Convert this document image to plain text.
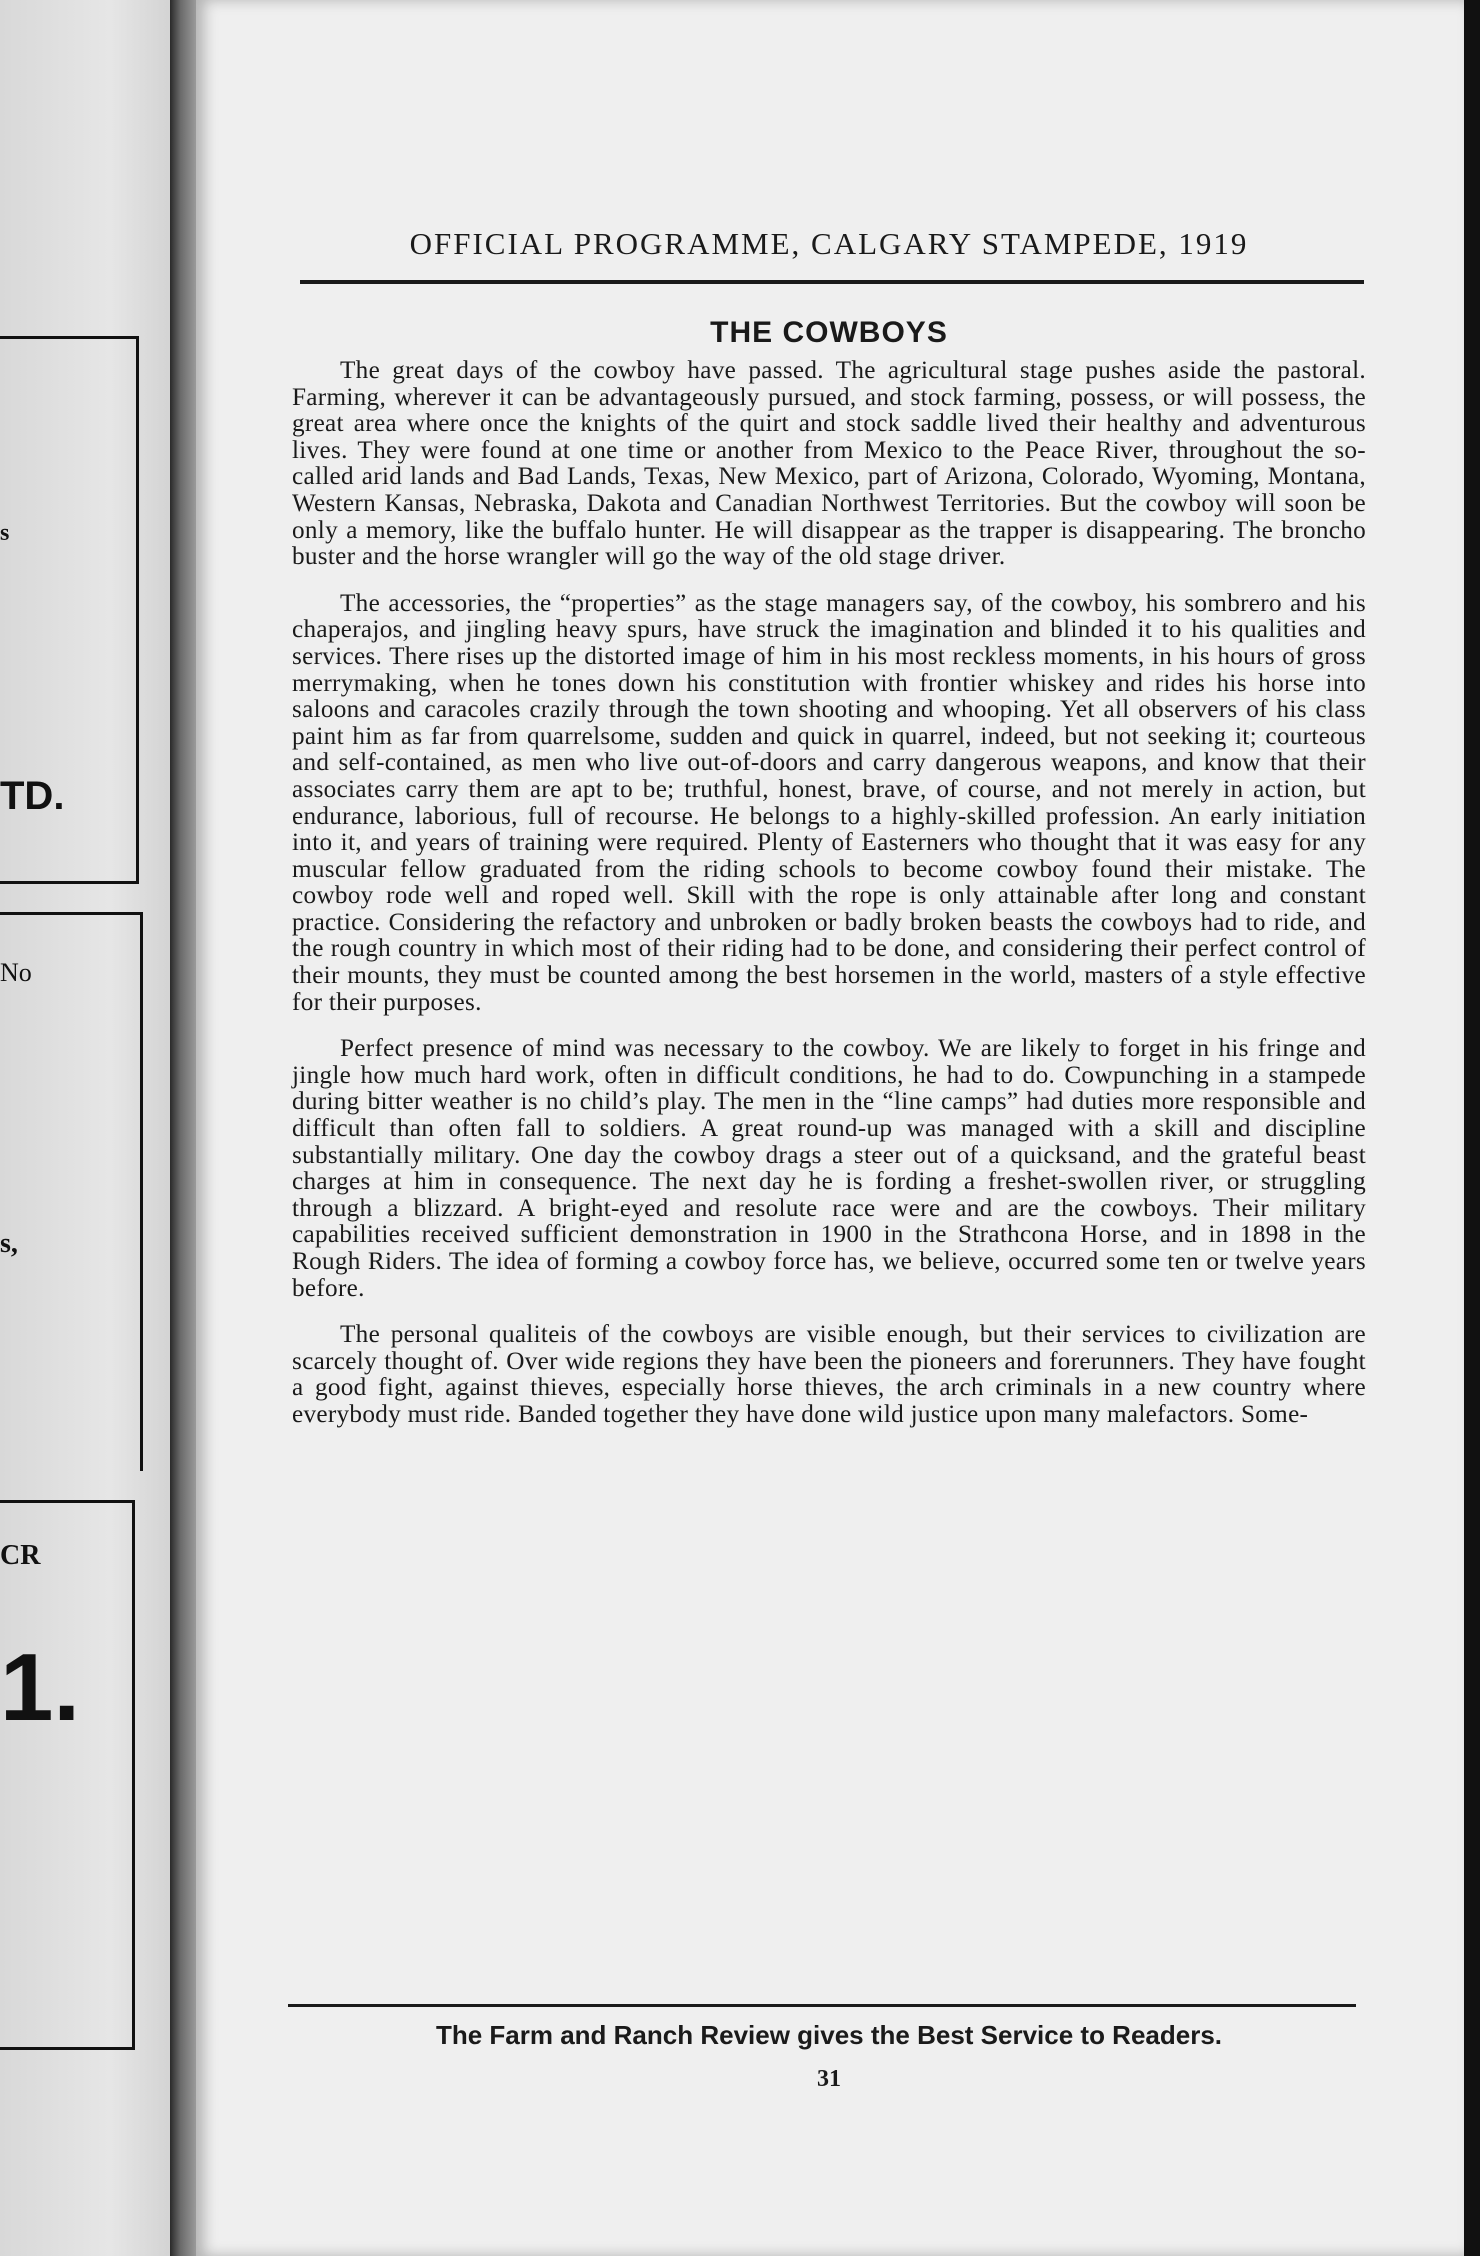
s
TD.
No
s,
CR
1.
OFFICIAL PROGRAMME, CALGARY STAMPEDE, 1919
THE COWBOYS

The great days of the cowboy have passed. The agricultural stage pushes aside the pastoral. Farming, wherever it can be advantageously pursued, and stock farming, possess, or will possess, the great area where once the knights of the quirt and stock saddle lived their healthy and adventurous lives. They were found at one time or another from Mexico to the Peace River, throughout the so-called arid lands and Bad Lands, Texas, New Mexico, part of Arizona, Colorado, Wyoming, Montana, Western Kansas, Nebraska, Dakota and Canadian Northwest Territories. But the cowboy will soon be only a memory, like the buffalo hunter. He will disappear as the trapper is disappearing. The broncho buster and the horse wrangler will go the way of the old stage driver.

The accessories, the “properties” as the stage managers say, of the cowboy, his sombrero and his chaperajos, and jingling heavy spurs, have struck the imagination and blinded it to his qualities and services. There rises up the distorted image of him in his most reckless moments, in his hours of gross merrymaking, when he tones down his constitution with frontier whiskey and rides his horse into saloons and caracoles crazily through the town shooting and whooping. Yet all observers of his class paint him as far from quarrelsome, sudden and quick in quarrel, indeed, but not seeking it; courteous and self-contained, as men who live out-of-doors and carry dangerous weapons, and know that their associates carry them are apt to be; truthful, honest, brave, of course, and not merely in action, but endurance, laborious, full of recourse. He belongs to a highly-skilled profession. An early initiation into it, and years of training were required. Plenty of Easterners who thought that it was easy for any muscular fellow graduated from the riding schools to become cowboy found their mistake. The cowboy rode well and roped well. Skill with the rope is only attainable after long and constant practice. Considering the refactory and unbroken or badly broken beasts the cowboys had to ride, and the rough country in which most of their riding had to be done, and considering their perfect control of their mounts, they must be counted among the best horsemen in the world, masters of a style effective for their purposes.

Perfect presence of mind was necessary to the cowboy. We are likely to forget in his fringe and jingle how much hard work, often in difficult conditions, he had to do. Cowpunching in a stampede during bitter weather is no child’s play. The men in the “line camps” had duties more responsible and difficult than often fall to soldiers. A great round-up was managed with a skill and discipline substantially military. One day the cowboy drags a steer out of a quicksand, and the grateful beast charges at him in consequence. The next day he is fording a freshet-swollen river, or struggling through a blizzard. A bright-eyed and resolute race were and are the cowboys. Their military capabilities received sufficient demonstration in 1900 in the Strathcona Horse, and in 1898 in the Rough Riders. The idea of forming a cowboy force has, we believe, occurred some ten or twelve years before.

The personal qualiteis of the cowboys are visible enough, but their services to civilization are scarcely thought of. Over wide regions they have been the pioneers and forerunners. They have fought a good fight, against thieves, especially horse thieves, the arch criminals in a new country where everybody must ride. Banded together they have done wild justice upon many malefactors. Some-

The Farm and Ranch Review gives the Best Service to Readers.
31
